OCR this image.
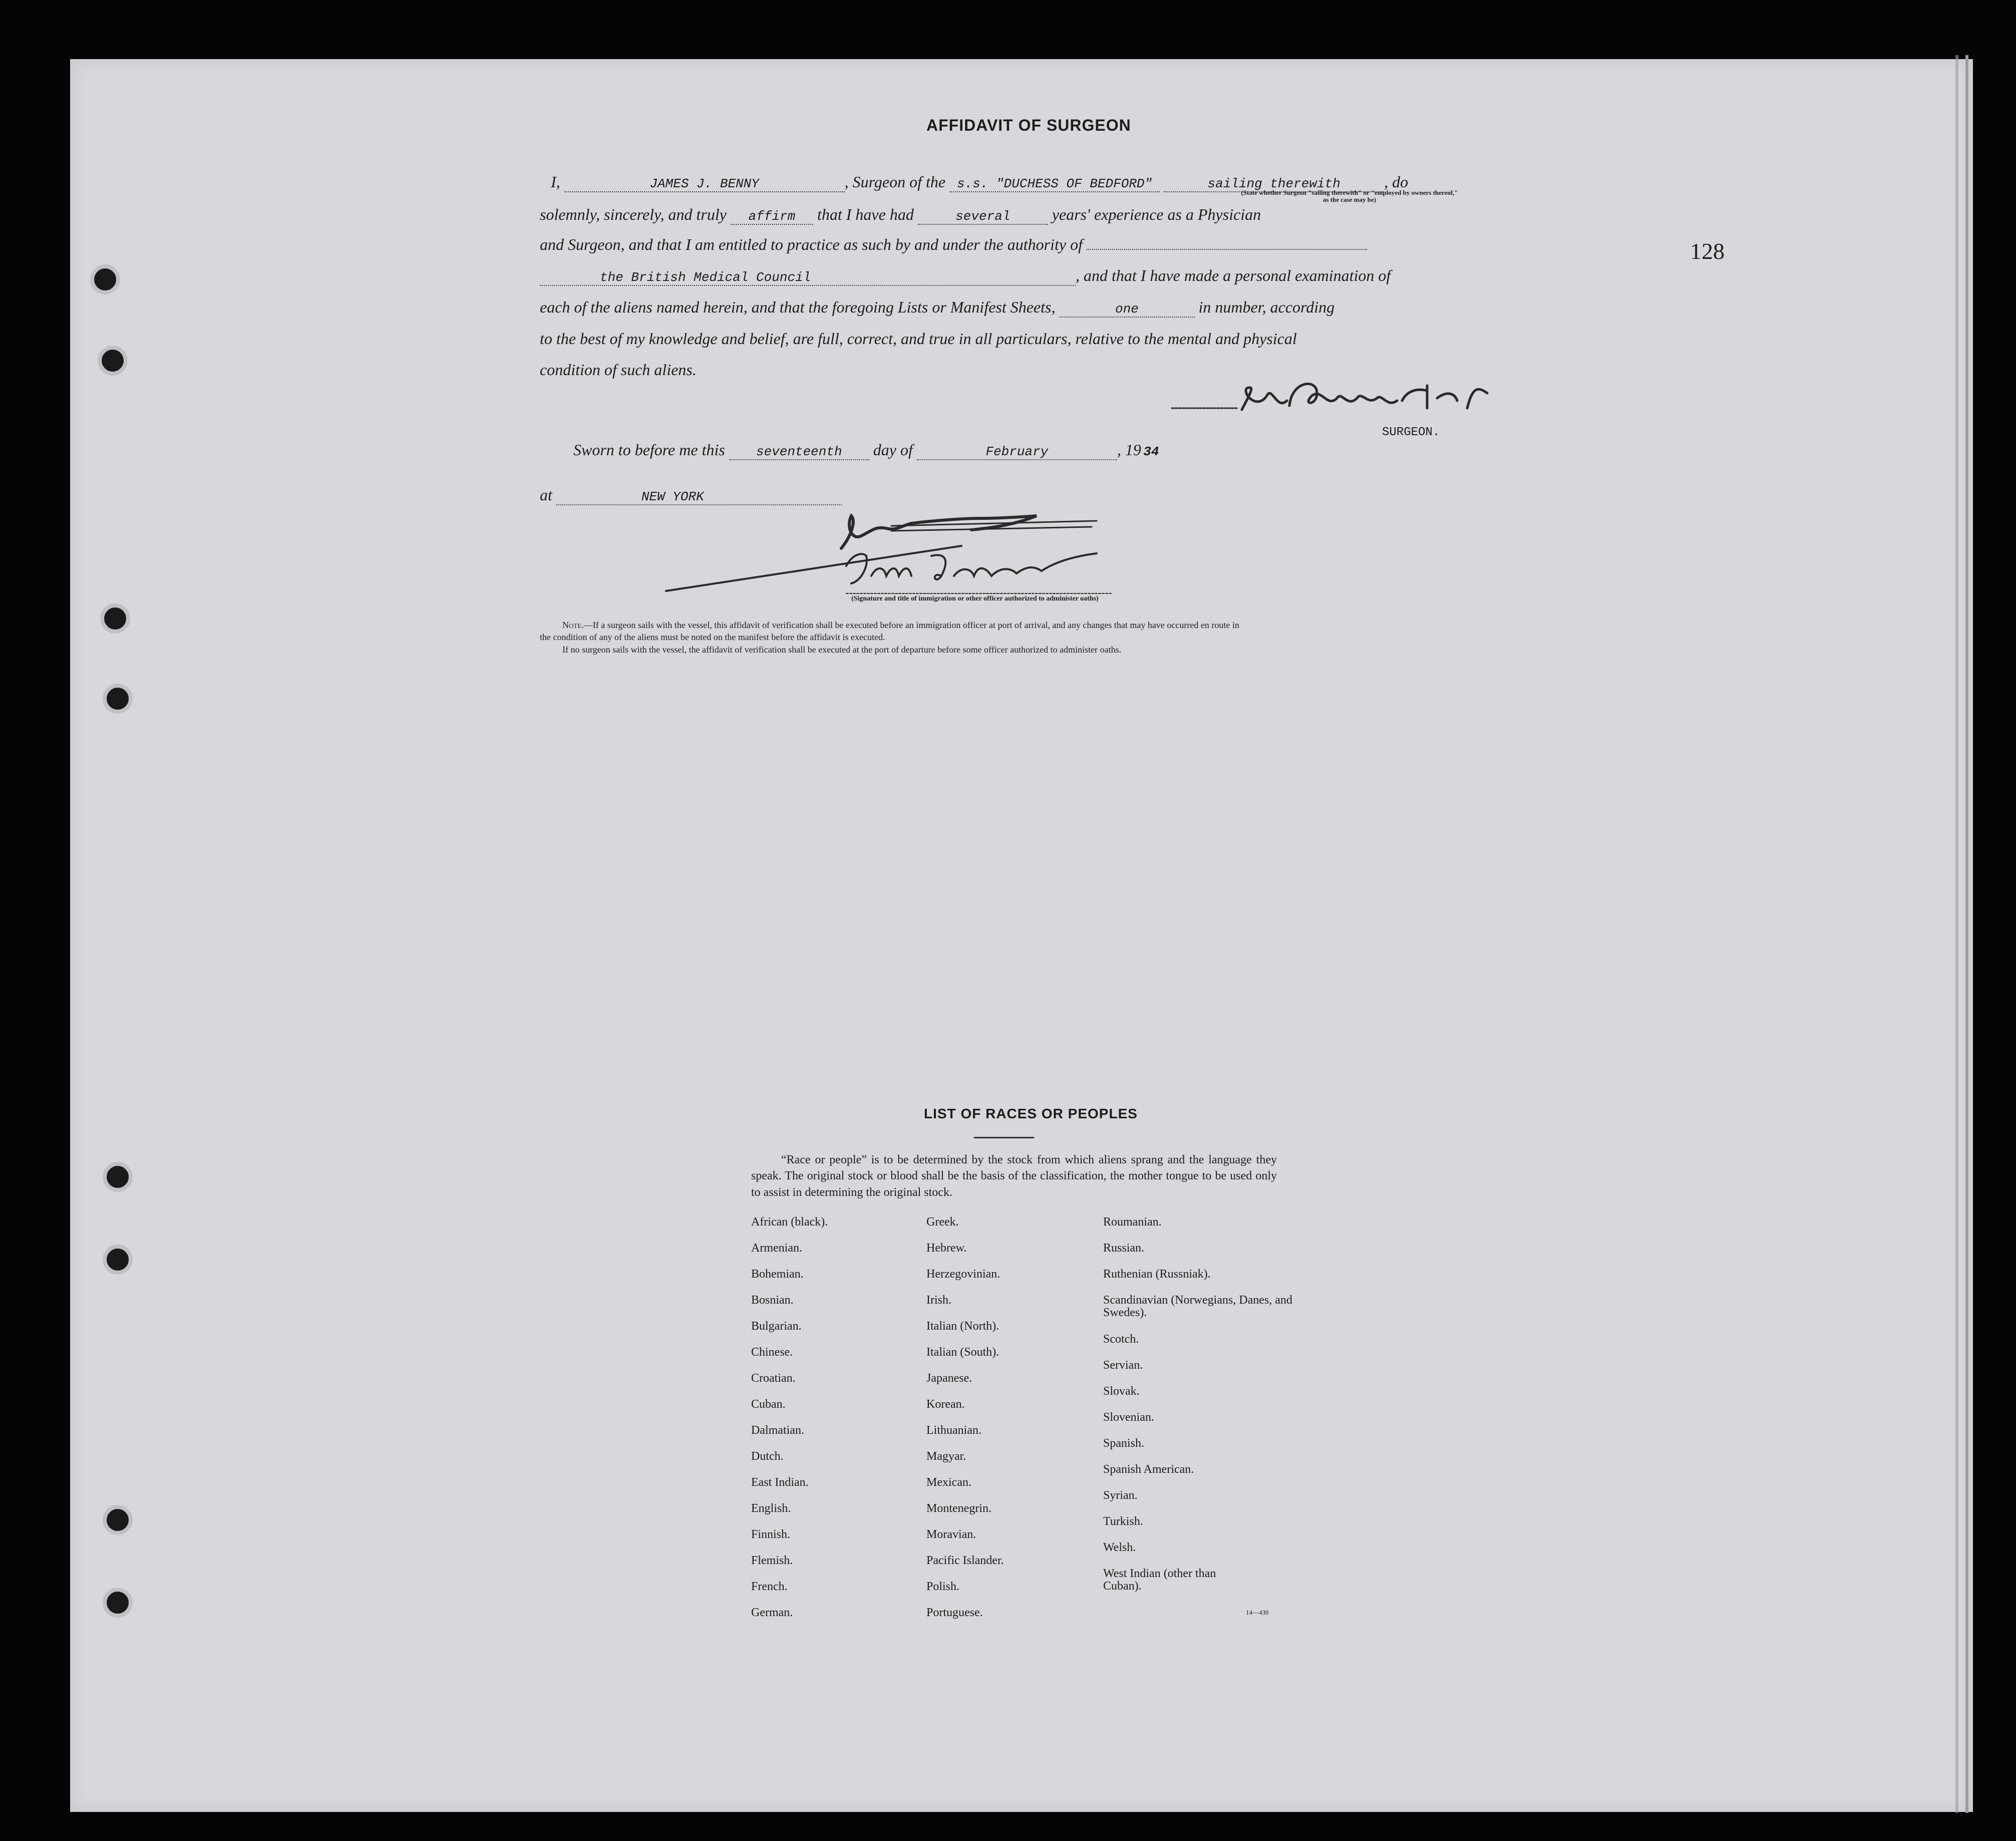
128
AFFIDAVIT OF SURGEON
I,	JAMES J. BENNY	, Surgeon of the s.s. "DUCHESS OF BEDFORD"	sailing therewith	, do
(State whether Surgeon "sailing therewith" or "employed by owners thereof," as the case may be)
solemnly, sincerely, and truly affirm that I have had	several	years' experience as a Physician
and Surgeon, and that I am entitled to practice as such by and under the authority of
the British Medical Council	, and that I have made a personal examination of
each of the aliens named herein, and that the foregoing Lists or Manifest Sheets,	one	in number, according
to the best of my knowledge and belief, are full, correct, and true in all particulars, relative to the mental and physical
condition of such aliens.
SURGEON.
Sworn to before me this seventeenth day of	February	, 19 34
at	NEW YORK
(Signature and title of immigration or other officer authorized to administer oaths)
Note.—If a surgeon sails with the vessel, this affidavit of verification shall be executed before an immigration officer at port of arrival, and any changes that may have occurred en route in
the condition of any of the aliens must be noted on the manifest before the affidavit is executed.
If no surgeon sails with the vessel, the affidavit of verification shall be executed at the port of departure before some officer authorized to administer oaths.
LIST OF RACES OR PEOPLES
“Race or people” is to be determined by the stock from which aliens sprang and the language they speak. The original stock or blood shall be the basis of the classification, the mother tongue to be used only to assist in determining the original stock.
African (black).
Armenian.
Bohemian.
Bosnian.
Bulgarian.
Chinese.
Croatian.
Cuban.
Dalmatian.
Dutch.
East Indian.
English.
Finnish.
Flemish.
French.
German.
Greek.
Hebrew.
Herzegovinian.
Irish.
Italian (North).
Italian (South).
Japanese.
Korean.
Lithuanian.
Magyar.
Mexican.
Montenegrin.
Moravian.
Pacific Islander.
Polish.
Portuguese.
Roumanian.
Russian.
Ruthenian (Russniak).
Scandinavian (Norwegians, Danes, and Swedes).
Scotch.
Servian.
Slovak.
Slovenian.
Spanish.
Spanish American.
Syrian.
Turkish.
Welsh.
West Indian (other than Cuban).
14—430
